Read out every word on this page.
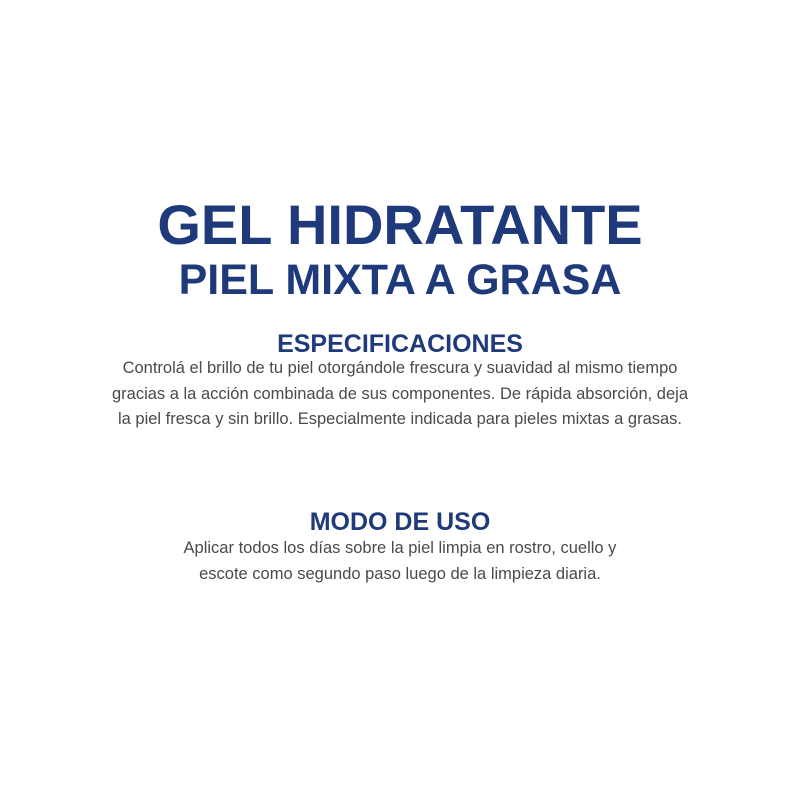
GEL HIDRATANTE
PIEL MIXTA A GRASA
ESPECIFICACIONES

Controlá el brillo de tu piel otorgándole frescura y suavidad al mismo tiempo gracias a la acción combinada de sus componentes. De rápida absorción, deja la piel fresca y sin brillo. Especialmente indicada para pieles mixtas a grasas.

MODO DE USO

Aplicar todos los días sobre la piel limpia en rostro, cuello y escote como segundo paso luego de la limpieza diaria.
